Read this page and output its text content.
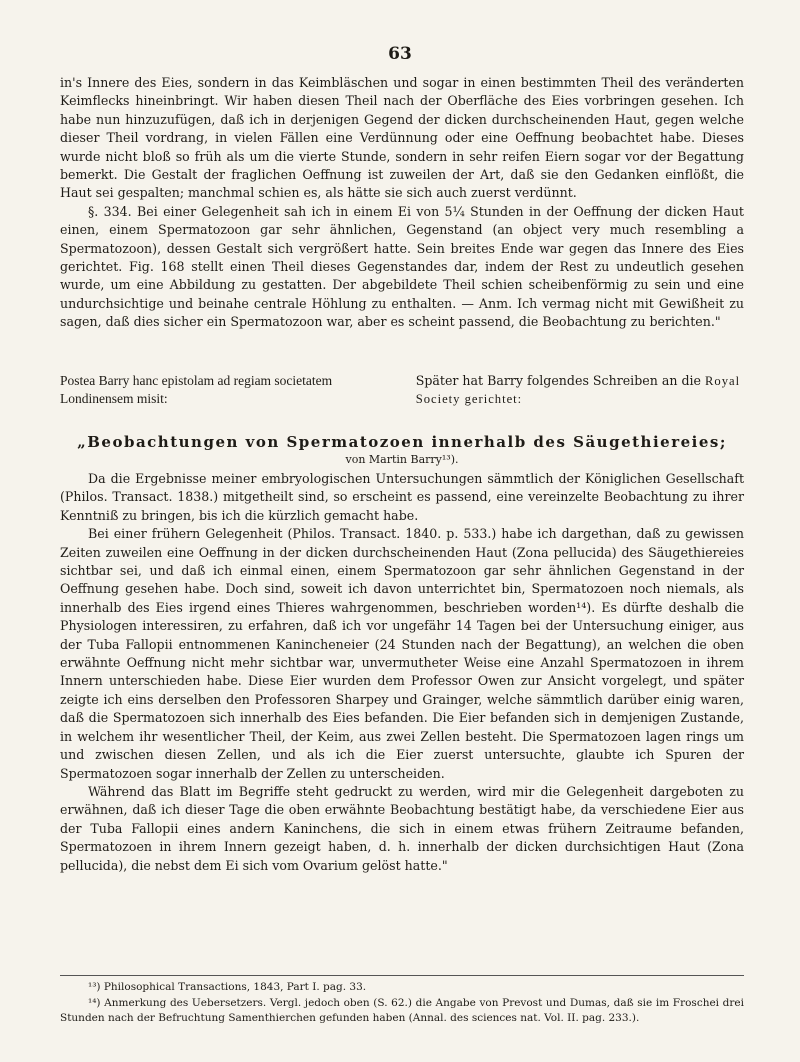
63

in's Innere des Eies, sondern in das Keimbläschen und sogar in einen bestimmten Theil des veränderten Keimflecks hineinbringt. Wir haben diesen Theil nach der Oberfläche des Eies vorbringen gesehen. Ich habe nun hinzuzufügen, daß ich in derjenigen Gegend der dicken durchscheinenden Haut, gegen welche dieser Theil vordrang, in vielen Fällen eine Verdünnung oder eine Oeffnung beobachtet habe. Dieses wurde nicht bloß so früh als um die vierte Stunde, sondern in sehr reifen Eiern sogar vor der Begattung bemerkt. Die Gestalt der fraglichen Oeffnung ist zuweilen der Art, daß sie den Gedanken einflößt, die Haut sei gespalten; manchmal schien es, als hätte sie sich auch zuerst verdünnt.

§. 334. Bei einer Gelegenheit sah ich in einem Ei von 5¼ Stunden in der Oeffnung der dicken Haut einen, einem Spermatozoon gar sehr ähnlichen, Gegenstand (an object very much resembling a Spermatozoon), dessen Gestalt sich vergrößert hatte. Sein breites Ende war gegen das Innere des Eies gerichtet. Fig. 168 stellt einen Theil dieses Gegenstandes dar, indem der Rest zu undeutlich gesehen wurde, um eine Abbildung zu gestatten. Der abgebildete Theil schien scheibenförmig zu sein und eine undurchsichtige und beinahe centrale Höhlung zu enthalten. — Anm. Ich vermag nicht mit Gewißheit zu sagen, daß dies sicher ein Spermatozoon war, aber es scheint passend, die Beobachtung zu berichten."

Postea Barry hanc epistolam ad regiam societatem Londinensem misit:
Später hat Barry folgendes Schreiben an die Royal Society gerichtet:

„Beobachtungen von Spermatozoen innerhalb des Säugethiereies;

von Martin Barry¹³).

Da die Ergebnisse meiner embryologischen Untersuchungen sämmtlich der Königlichen Gesellschaft (Philos. Transact. 1838.) mitgetheilt sind, so erscheint es passend, eine vereinzelte Beobachtung zu ihrer Kenntniß zu bringen, bis ich die kürzlich gemacht habe.

Bei einer frühern Gelegenheit (Philos. Transact. 1840. p. 533.) habe ich dargethan, daß zu gewissen Zeiten zuweilen eine Oeffnung in der dicken durchscheinenden Haut (Zona pellucida) des Säugethiereies sichtbar sei, und daß ich einmal einen, einem Spermatozoon gar sehr ähnlichen Gegenstand in der Oeffnung gesehen habe. Doch sind, soweit ich davon unterrichtet bin, Spermatozoen noch niemals, als innerhalb des Eies irgend eines Thieres wahrgenommen, beschrieben worden¹⁴). Es dürfte deshalb die Physiologen interessiren, zu erfahren, daß ich vor ungefähr 14 Tagen bei der Untersuchung einiger, aus der Tuba Fallopii entnommenen Kanincheneier (24 Stunden nach der Begattung), an welchen die oben erwähnte Oeffnung nicht mehr sichtbar war, unvermutheter Weise eine Anzahl Spermatozoen in ihrem Innern unterschieden habe. Diese Eier wurden dem Professor Owen zur Ansicht vorgelegt, und später zeigte ich eins derselben den Professoren Sharpey und Grainger, welche sämmtlich darüber einig waren, daß die Spermatozoen sich innerhalb des Eies befanden. Die Eier befanden sich in demjenigen Zustande, in welchem ihr wesentlicher Theil, der Keim, aus zwei Zellen besteht. Die Spermatozoen lagen rings um und zwischen diesen Zellen, und als ich die Eier zuerst untersuchte, glaubte ich Spuren der Spermatozoen sogar innerhalb der Zellen zu unterscheiden.

Während das Blatt im Begriffe steht gedruckt zu werden, wird mir die Gelegenheit dargeboten zu erwähnen, daß ich dieser Tage die oben erwähnte Beobachtung bestätigt habe, da verschiedene Eier aus der Tuba Fallopii eines andern Kaninchens, die sich in einem etwas frühern Zeitraume befanden, Spermatozoen in ihrem Innern gezeigt haben, d. h. innerhalb der dicken durchsichtigen Haut (Zona pellucida), die nebst dem Ei sich vom Ovarium gelöst hatte."

¹³) Philosophical Transactions, 1843, Part I. pag. 33.

¹⁴) Anmerkung des Uebersetzers. Vergl. jedoch oben (S. 62.) die Angabe von Prevost und Dumas, daß sie im Froschei drei Stunden nach der Befruchtung Samenthierchen gefunden haben (Annal. des sciences nat. Vol. II. pag. 233.).
